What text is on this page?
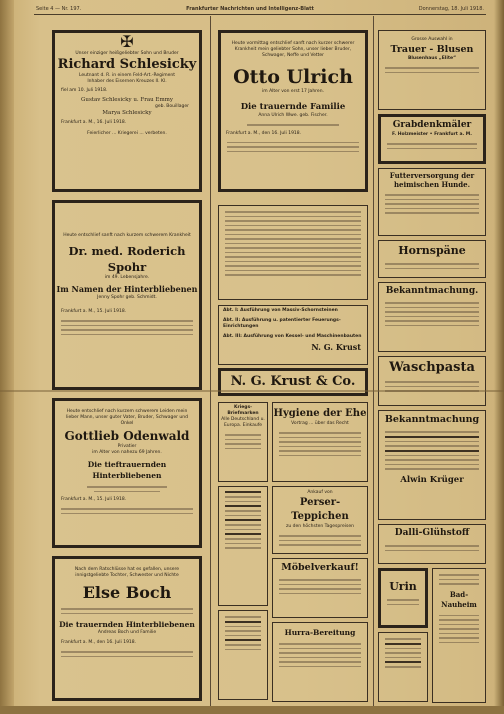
Seite 4 — Nr. 197.	Frankfurter Nachrichten und Intelligenz-Blatt	Donnerstag, 18. Juli 1918.
✠
Unser einziger heißgeliebter Sohn und Bruder
Richard Schlesicky
Leutnant d. R. in einem Feld-Art.-Regiment
Inhaber des Eisernen Kreuzes II. Kl.
fiel am 10. Juli 1918.
Gustav Schlesicky u. Frau Emmy
geb. Bouillager
Marya Schlesicky
Frankfurt a. M., 16. Juli 1918.
Feierlicher ... Kriegerei ... verbeten.
Heute entschlief sanft nach kurzem schwerem Krankheit
Dr. med. Roderich Spohr
im 49. Lebensjahre.
Im Namen der Hinterbliebenen
Jenny Spohr geb. Schmidt.
Frankfurt a. M., 15. Juli 1918.
Heute entschlief nach kurzem schwerem Leiden mein lieber Mann, unser guter Vater, Bruder, Schwager und Onkel
Gottlieb Odenwald
Privatier
im Alter von nahezu 69 Jahren.
Die tieftrauernden Hinterbliebenen
Frankfurt a. M., 15. Juli 1918.
Nach dem Ratschlüsse hat es gefallen, unsere innigstgeliebte Tochter, Schwester und Nichte
Else Boch
Die trauernden Hinterbliebenen
Andreas Boch und Familie
Frankfurt a. M., den 16. Juli 1918.
Heute vormittag entschlief sanft nach kurzer schwerer Krankheit mein geliebter Sohn, unser lieber Bruder, Schwager, Neffe und Vetter
Otto Ulrich
im Alter von erst 17 Jahren.
Die trauernde Familie
Anna Ulrich Wwe. geb. Fischer.
Frankfurt a. M., den 16. Juli 1918.
Abt. I: Ausführung von Massiv-Schornsteinen
Abt. II: Ausführung u. patentierter Feuerungs-Einrichtungen
Abt. III: Ausführung von Kessel- und Maschinenbauten
N. G. Krust
N. G. Krust & Co.
Kriegs-Briefmarken
Alle Deutschland u. Europa. Einkaufe
Hygiene der Ehe
Vortrag ... über das Recht
Ankauf von
Perser-Teppichen
zu den höchsten Tagespreisen
Möbelverkauf!
Hurra-Bereitung
Grosse Auswahl in
Trauer - Blusen
Blusenhaus „Elite“
Grabdenkmäler
F. Holzmeister • Frankfurt a. M.
Futterversorgung der heimischen Hunde.
Hornspäne
Bekanntmachung.
Waschpasta
Bekanntmachung
Alwin Krüger
Dalli-Glühstoff
Urin
Bad-Nauheim
